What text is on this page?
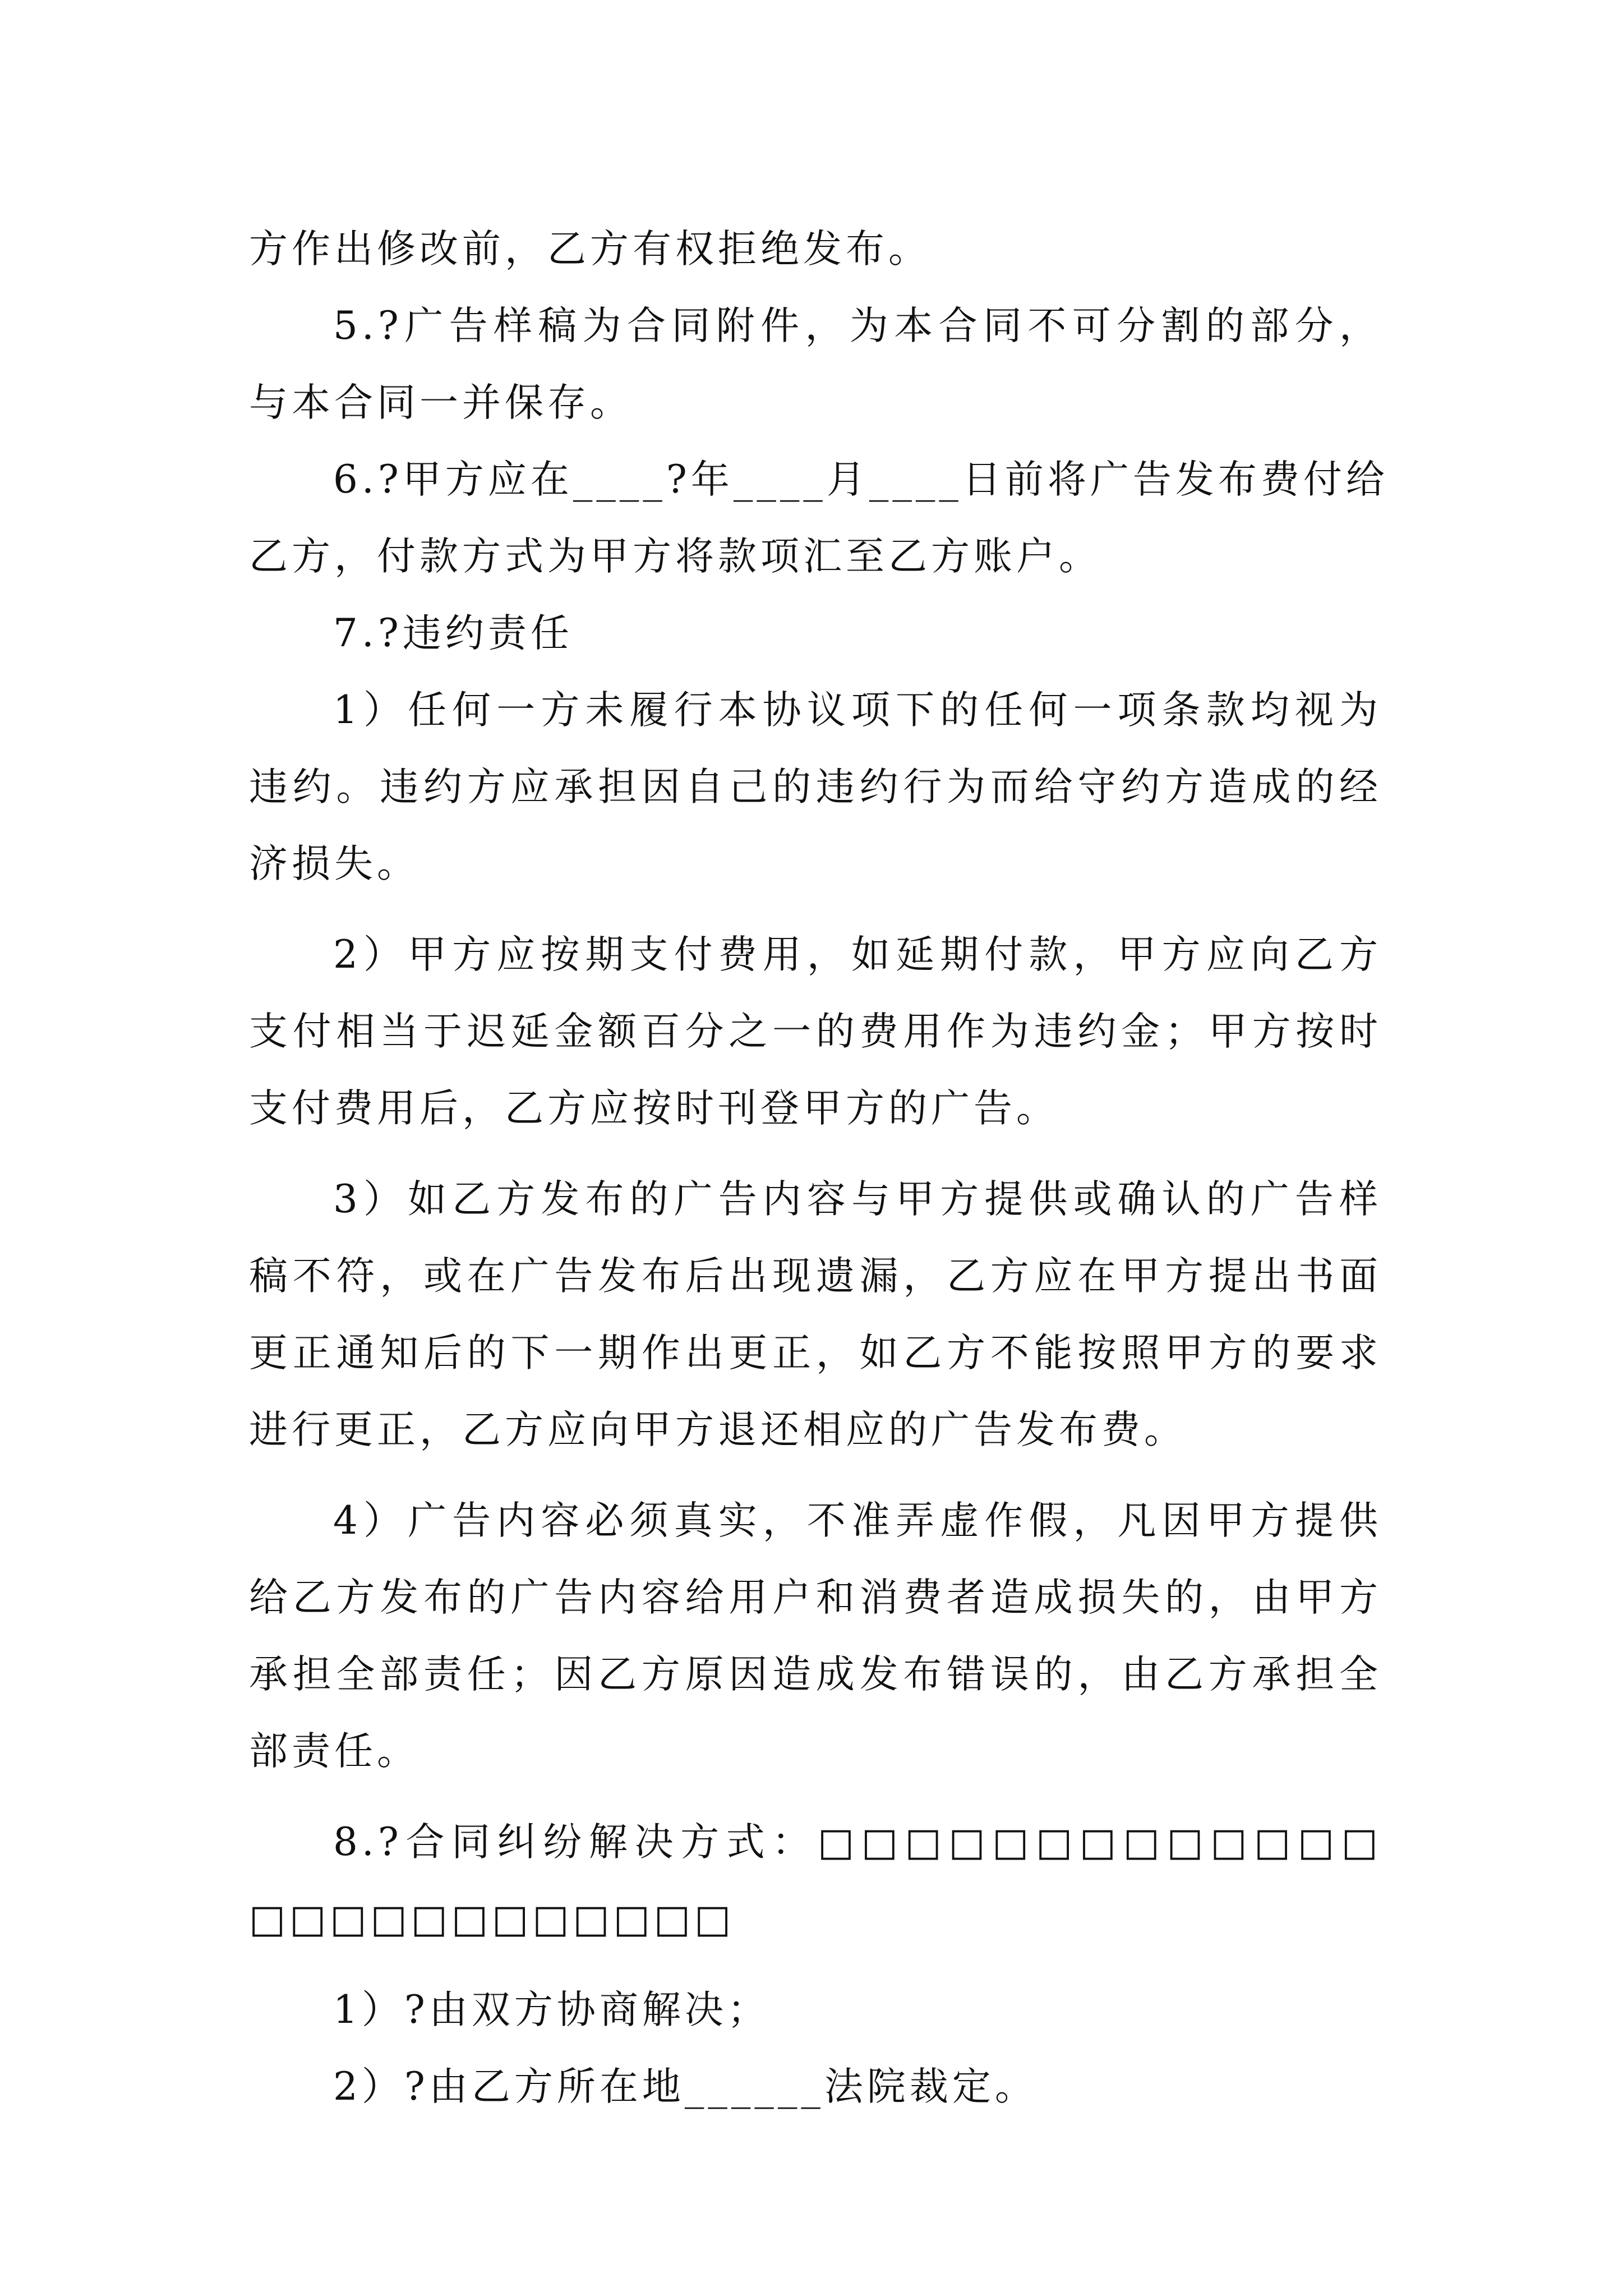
方作出修改前，乙方有权拒绝发布。
5.?广告样稿为合同附件，为本合同不可分割的部分，
与本合同一并保存。
6.?甲方应在____?年____月____日前将广告发布费付给
乙方，付款方式为甲方将款项汇至乙方账户。
7.?违约责任
1）任何一方未履行本协议项下的任何一项条款均视为
违约。违约方应承担因自己的违约行为而给守约方造成的经
济损失。
2）甲方应按期支付费用，如延期付款，甲方应向乙方
支付相当于迟延金额百分之一的费用作为违约金；甲方按时
支付费用后，乙方应按时刊登甲方的广告。
3）如乙方发布的广告内容与甲方提供或确认的广告样
稿不符，或在广告发布后出现遗漏，乙方应在甲方提出书面
更正通知后的下一期作出更正，如乙方不能按照甲方的要求
进行更正，乙方应向甲方退还相应的广告发布费。
4）广告内容必须真实，不准弄虚作假，凡因甲方提供
给乙方发布的广告内容给用户和消费者造成损失的，由甲方
承担全部责任；因乙方原因造成发布错误的，由乙方承担全
部责任。
8.?合同纠纷解决方式：□□□□□□□□□□□□□
□□□□□□□□□□□□
1）?由双方协商解决；
2）?由乙方所在地______法院裁定。
